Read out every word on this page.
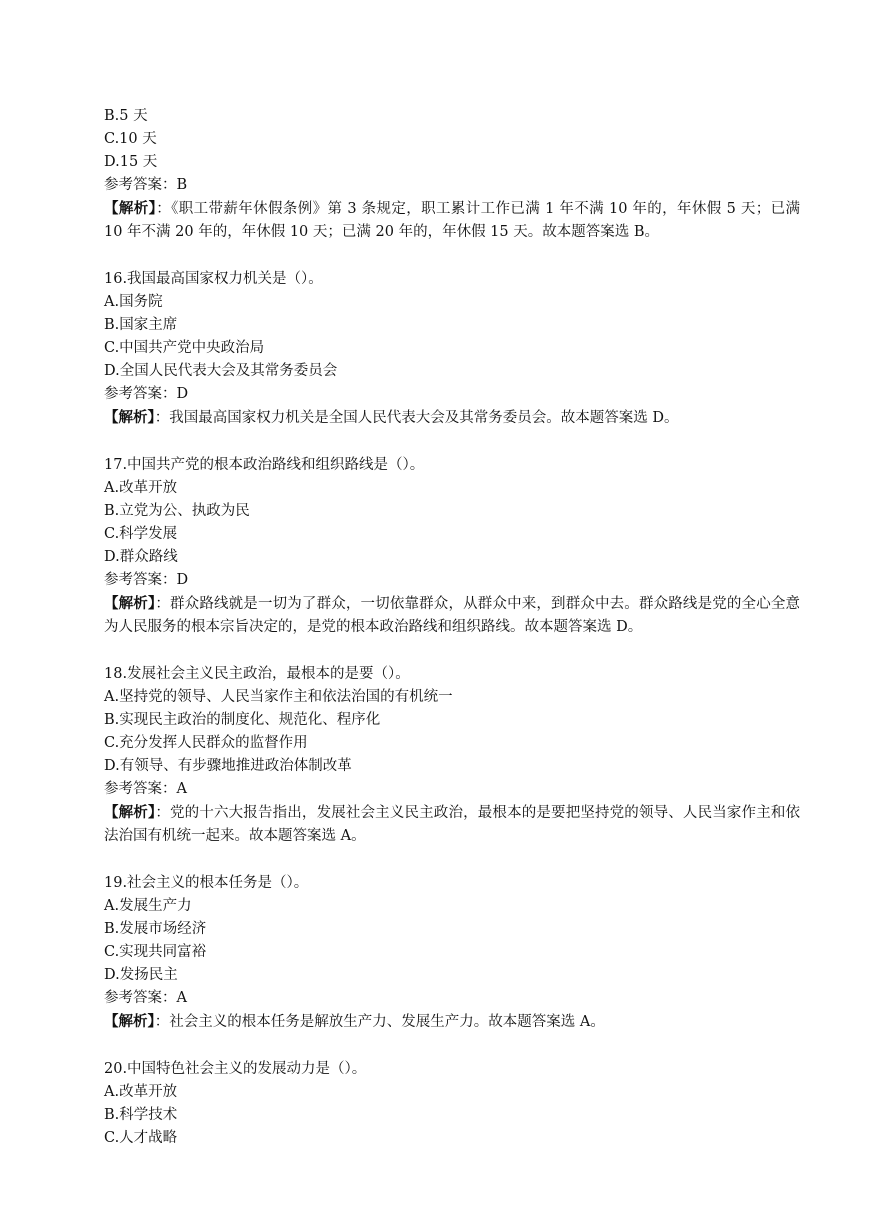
B.5 天
C.10 天
D.15 天
参考答案：B
【解析】：《职工带薪年休假条例》第 3 条规定，职工累计工作已满 1 年不满 10 年的，年休假 5 天；已满 10 年不满 20 年的，年休假 10 天；已满 20 年的，年休假 15 天。故本题答案选 B。
16.我国最高国家权力机关是（）。
A.国务院
B.国家主席
C.中国共产党中央政治局
D.全国人民代表大会及其常务委员会
参考答案：D
【解析】：我国最高国家权力机关是全国人民代表大会及其常务委员会。故本题答案选 D。
17.中国共产党的根本政治路线和组织路线是（）。
A.改革开放
B.立党为公、执政为民
C.科学发展
D.群众路线
参考答案：D
【解析】：群众路线就是一切为了群众，一切依靠群众，从群众中来，到群众中去。群众路线是党的全心全意为人民服务的根本宗旨决定的，是党的根本政治路线和组织路线。故本题答案选 D。
18.发展社会主义民主政治，最根本的是要（）。
A.坚持党的领导、人民当家作主和依法治国的有机统一
B.实现民主政治的制度化、规范化、程序化
C.充分发挥人民群众的监督作用
D.有领导、有步骤地推进政治体制改革
参考答案：A
【解析】：党的十六大报告指出，发展社会主义民主政治，最根本的是要把坚持党的领导、人民当家作主和依法治国有机统一起来。故本题答案选 A。
19.社会主义的根本任务是（）。
A.发展生产力
B.发展市场经济
C.实现共同富裕
D.发扬民主
参考答案：A
【解析】：社会主义的根本任务是解放生产力、发展生产力。故本题答案选 A。
20.中国特色社会主义的发展动力是（）。
A.改革开放
B.科学技术
C.人才战略
